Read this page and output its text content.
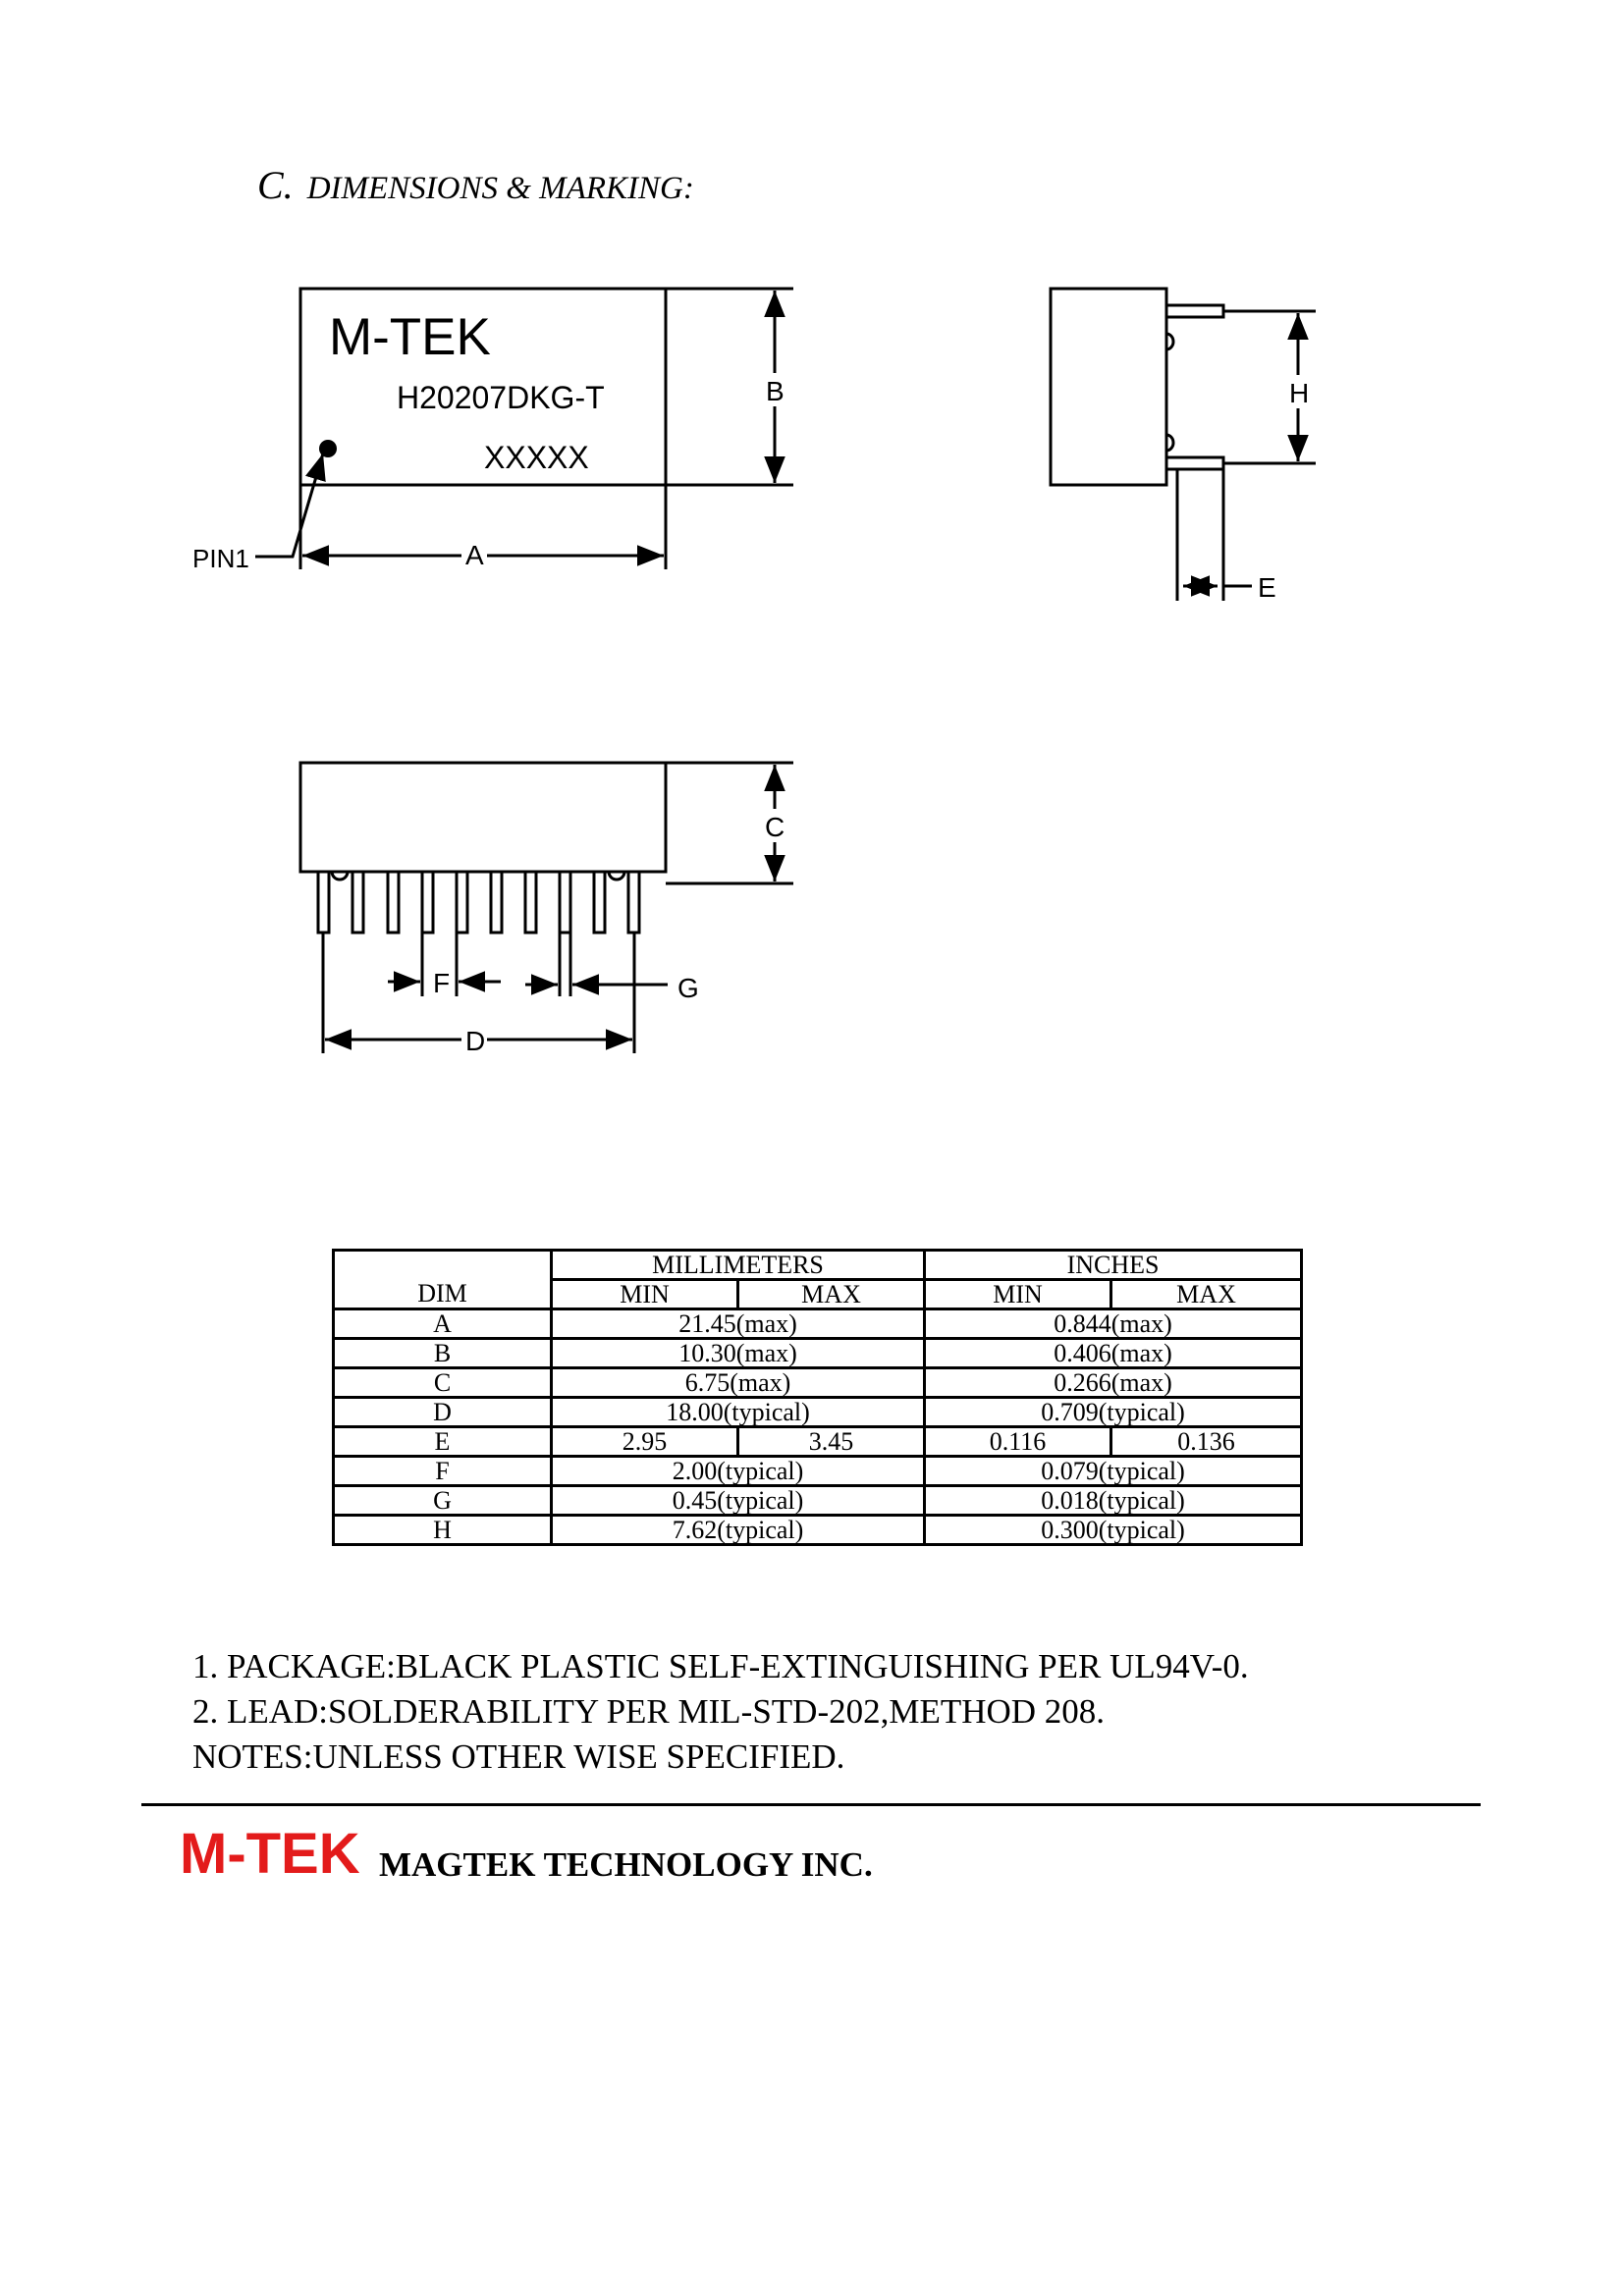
C. DIMENSIONS & MARKING:
M-TEK
H20207DKG-T
XXXXX
B
A
PIN1
H
E
C
D
F	G
	MILLIMETERS		INCHES	
DIM	MIN	MAX	MIN	MAX
A	21.45(max)		0.844(max)	
B	10.30(max)		0.406(max)	
C	6.75(max)		0.266(max)	
D	18.00(typical)		0.709(typical)	
E	2.95	3.45	0.116	0.136
F	2.00(typical)		0.079(typical)	
G	0.45(typical)		0.018(typical)	
H	7.62(typical)		0.300(typical)	
1. PACKAGE:BLACK PLASTIC SELF-EXTINGUISHING PER UL94V-0.
2. LEAD:SOLDERABILITY PER MIL-STD-202,METHOD 208.
NOTES:UNLESS OTHER WISE SPECIFIED.
M-TEK MAGTEK TECHNOLOGY INC.
